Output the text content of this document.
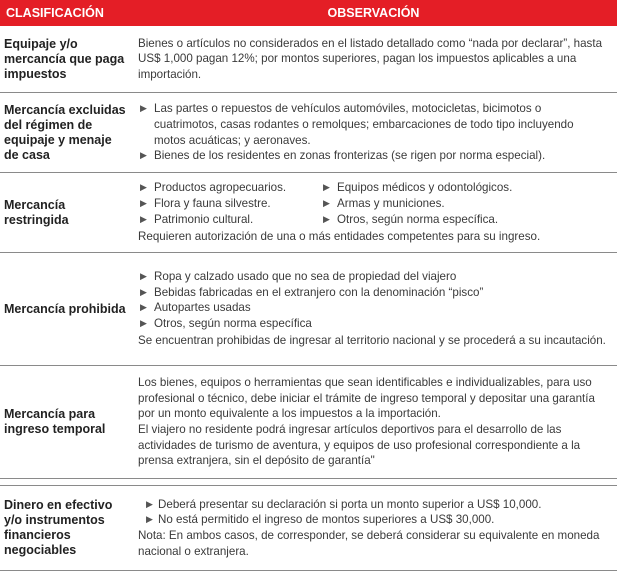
CLASIFICACIÓN	OBSERVACIÓN
Equipaje y/o mercancía que paga impuestos
Bienes o artículos no considerados en el listado detallado como “nada por declarar”, hasta US$ 1,000 pagan 12%; por montos superiores, pagan los impuestos aplicables a una importación.
Mercancía excluidas del régimen de equipaje y menaje de casa
▶
Las partes o repuestos de vehículos automóviles, motocicletas, bicimotos o cuatrimotos, casas rodantes o remolques; embarcaciones de todo tipo incluyendo motos acuáticas; y aeronaves.
▶
Bienes de los residentes en zonas fronterizas (se rigen por norma especial).
Mercancía restringida
▶
Productos agropecuarios.
▶
Flora y fauna silvestre.
▶
Patrimonio cultural.
▶
Equipos médicos y odontológicos.
▶
Armas y municiones.
▶
Otros, según norma específica.
Requieren autorización de una o más entidades competentes para su ingreso.
Mercancía prohibida
▶
Ropa y calzado usado que no sea de propiedad del viajero
▶
Bebidas fabricadas en el extranjero con la denominación “pisco”
▶
Autopartes usadas
▶
Otros, según norma específica
Se encuentran prohibidas de ingresar al territorio nacional y se procederá a su incautación.
Mercancía para ingreso temporal
Los bienes, equipos o herramientas que sean identificables e individualizables, para uso profesional o técnico, debe iniciar el trámite de ingreso temporal y depositar una garantía por un monto equivalente a los impuestos a la importación.
El viajero no residente podrá ingresar artículos deportivos para el desarrollo de las actividades de turismo de aventura, y equipos de uso profesional correspondiente a la prensa extranjera, sin el depósito de garantía"
Dinero en efectivo y/o instrumentos financieros negociables
▶
Deberá presentar su declaración si porta un monto superior a US$ 10,000.
▶
No está permitido el ingreso de montos superiores a US$ 30,000.
Nota: En ambos casos, de corresponder, se deberá considerar su equivalente en moneda nacional o extranjera.
